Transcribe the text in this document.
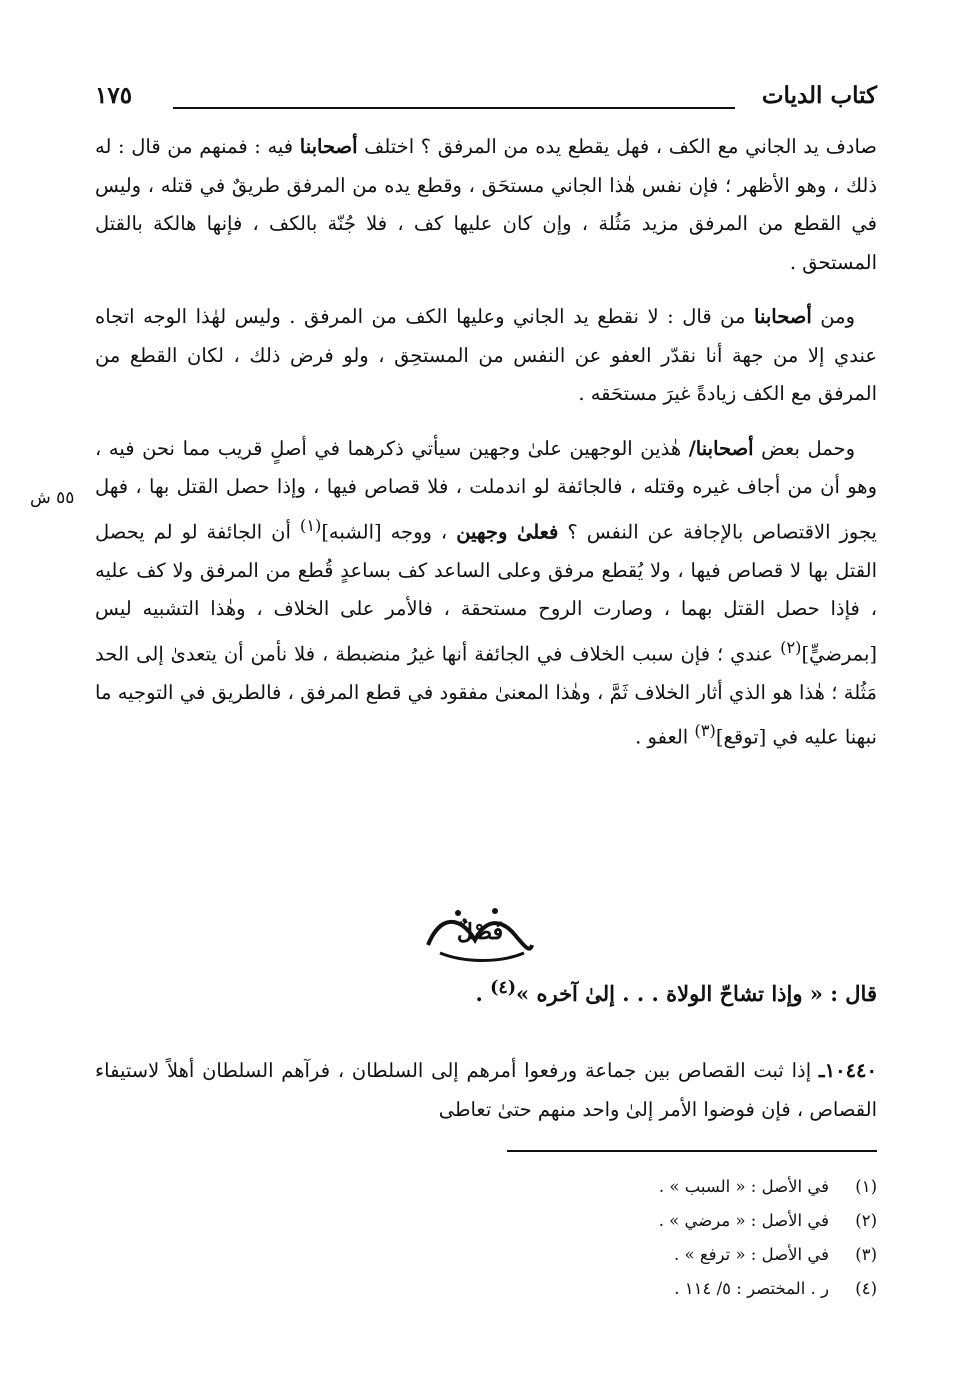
كتاب الديات
١٧٥
٥٥ ش

صادف يد الجاني مع الكف ، فهل يقطع يده من المرفق ؟ اختلف أصحابنا فيه : فمنهم من قال : له ذلك ، وهو الأظهر ؛ فإن نفس هٰذا الجاني مستحَق ، وقطع يده من المرفق طريقٌ في قتله ، وليس في القطع من المرفق مزيد مَثُلة ، وإن كان عليها كف ، فلا جُنّة بالكف ، فإنها هالكة بالقتل المستحق .

ومن أصحابنا من قال : لا نقطع يد الجاني وعليها الكف من المرفق . وليس لهٰذا الوجه اتجاه عندي إلا من جهة أنا نقدّر العفو عن النفس من المستحِق ، ولو فرض ذلك ، لكان القطع من المرفق مع الكف زيادةً غيرَ مستحَقه .

وحمل بعض أصحابنا/ هٰذين الوجهين علىٰ وجهين سيأتي ذكرهما في أصلٍ قريب مما نحن فيه ، وهو أن من أجاف غيره وقتله ، فالجائفة لو اندملت ، فلا قصاص فيها ، وإذا حصل القتل بها ، فهل يجوز الاقتصاص بالإجافة عن النفس ؟ فعلىٰ وجهين ، ووجه [الشبه]$^{(١)}$ أن الجائفة لو لم يحصل القتل بها لا قصاص فيها ، ولا يُقطع مرفق وعلى الساعد كف بساعدٍ قُطع من المرفق ولا كف عليه ، فإذا حصل القتل بهما ، وصارت الروح مستحقة ، فالأمر على الخلاف ، وهٰذا التشبيه ليس [بمرضيٍّ]$^{(٢)}$ عندي ؛ فإن سبب الخلاف في الجائفة أنها غيرُ منضبطة ، فلا نأمن أن يتعدىٰ إلى الحد مَثُلة ؛ هٰذا هو الذي أثار الخلاف ثَمَّ ، وهٰذا المعنىٰ مفقود في قطع المرفق ، فالطريق في التوجيه ما نبهنا عليه في [توقع]$^{(٣)}$ العفو .

فَصْلٌ
قال : « وإذا تشاحّ الولاة . . . إلىٰ آخره »$^{(٤)}$ .
١٠٤٤٠ـ إذا ثبت القصاص بين جماعة ورفعوا أمرهم إلى السلطان ، فرآهم السلطان أهلاً لاستيفاء القصاص ، فإن فوضوا الأمر إلىٰ واحد منهم حتىٰ تعاطى
(١)
في الأصل : « السبب » .
(٢)
في الأصل : « مرضي » .
(٣)
في الأصل : « ترفع » .
(٤)
ر . المختصر : ٥/ ١١٤ .
